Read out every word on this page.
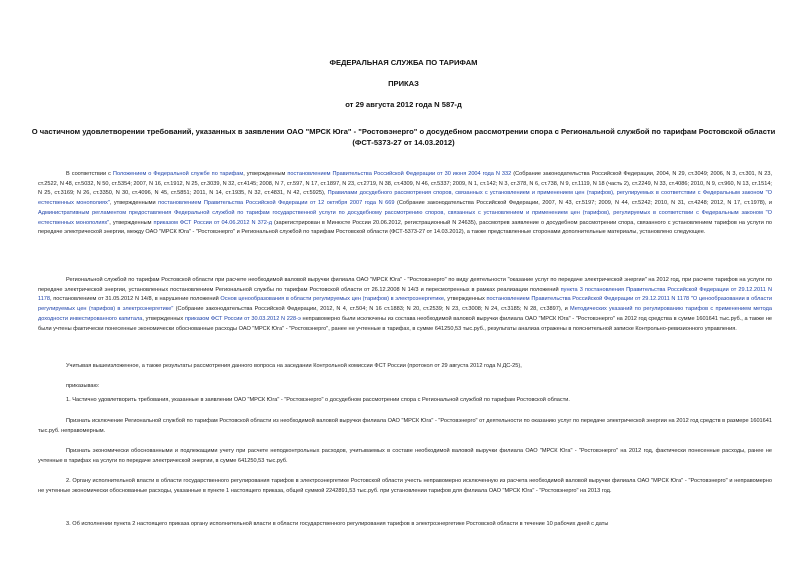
ФЕДЕРАЛЬНАЯ СЛУЖБА ПО ТАРИФАМ
ПРИКАЗ
от 29 августа 2012 года N 587-д
О частичном удовлетворении требований, указанных в заявлении ОАО "МРСК Юга" - "Ростовэнерго" о досудебном рассмотрении спора с Региональной службой по тарифам Ростовской области (ФСТ-5373-27 от 14.03.2012)
В соответствии с Положением о Федеральной службе по тарифам, утвержденным постановлением Правительства Российской Федерации от 30 июня 2004 года N 332 (Собрание законодательства Российской Федерации, 2004, N 29, ст.3049; 2006, N 3, ст.301, N 23, ст.2522, N 48, ст.5032, N 50, ст.5354; 2007, N 16, ст.1912, N 25, ст.3039, N 32, ст.4145; 2008, N 7, ст.597, N 17, ст.1897, N 23, ст.2719, N 38, ст.4309, N 46, ст.5337; 2009, N 1, ст.142; N 3, ст.378, N 6, ст.738, N 9, ст.1119, N 18 (часть 2), ст.2249, N 33, ст.4086; 2010, N 9, ст.960, N 13, ст.1514; N 25, ст.3169; N 26, ст.3350, N 30, ст.4096, N 45, ст.5851; 2011, N 14, ст.1935, N 32, ст.4831, N 42, ст.5925), Правилами досудебного рассмотрения споров, связанных с установлением и применением цен (тарифов), регулируемых в соответствии с Федеральным законом "О естественных монополиях", утвержденными постановлением Правительства Российской Федерации от 12 октября 2007 года N 669 (Собрание законодательства Российской Федерации, 2007, N 43, ст.5197; 2009, N 44, ст.5242; 2010, N 31, ст.4248; 2012, N 17, ст.1978), и Административным регламентом предоставления Федеральной службой по тарифам государственной услуги по досудебному рассмотрению споров, связанных с установлением и применением цен (тарифов), регулируемых в соответствии с Федеральным законом "О естественных монополиях", утвержденным приказом ФСТ России от 04.06.2012 N 372-д (зарегистрирован в Минюсте России 20.06.2012, регистрационный N 24635), рассмотрев заявление о досудебном рассмотрении спора, связанного с установлением тарифов на услуги по передаче электрической энергии, между ОАО "МРСК Юга" - "Ростовэнерго" и Региональной службой по тарифам Ростовской области (ФСТ-5373-27 от 14.03.2012), а также представленные сторонами дополнительные материалы, установлено следующее.
Региональной службой по тарифам Ростовской области при расчете необходимой валовой выручки филиала ОАО "МРСК Юга" - "Ростовэнерго" по виду деятельности "оказание услуг по передаче электрической энергии" на 2012 год, при расчете тарифов на услуги по передаче электрической энергии, установленных постановлением Региональной службы по тарифам Ростовской области от 26.12.2008 N 14/3 и пересмотренных в рамках реализации положений пункта 3 постановления Правительства Российской Федерации от 29.12.2011 N 1178, постановлением от 31.05.2012 N 14/8, в нарушение положений Основ ценообразования в области регулируемых цен (тарифов) в электроэнергетике, утвержденных постановлением Правительства Российской Федерации от 29.12.2011 N 1178 "О ценообразовании в области регулируемых цен (тарифов) в электроэнергетике" (Собрание законодательства Российской Федерации, 2012, N 4, ст.504; N 16 ст.1883; N 20, ст.2539; N 23, ст.3008; N 24, ст.3185; N 28, ст.3897), и Методических указаний по регулированию тарифов с применением метода доходности инвестированного капитала, утвержденных приказом ФСТ России от 30.03.2012 N 228-э неправомерно были исключены из состава необходимой валовой выручки филиала ОАО "МРСК Юга" - "Ростовэнерго" на 2012 год средства в сумме 1601641 тыс.руб., а также не были учтены фактически понесенные экономически обоснованные расходы ОАО "МРСК Юга" - "Ростовэнерго", ранее не учтенные в тарифах, в сумме 641250,53 тыс.руб., результаты анализа отражены в пояснительной записке Контрольно-ревизионного управления.
Учитывая вышеизложенное, а также результаты рассмотрения данного вопроса на заседании Контрольной комиссии ФСТ России (протокол от 29 августа 2012 года N ДС-25),
приказываю:
1. Частично удовлетворить требования, указанные в заявлении ОАО "МРСК Юга" - "Ростовэнерго" о досудебном рассмотрении спора с Региональной службой по тарифам Ростовской области.
Признать исключение Региональной службой по тарифам Ростовской области из необходимой валовой выручки филиала ОАО "МРСК Юга" - "Ростовэнерго" от деятельности по оказанию услуг по передаче электрической энергии на 2012 год средств в размере 1601641 тыс.руб. неправомерным.
Признать экономически обоснованными и подлежащими учету при расчете неподконтрольных расходов, учитываемых в составе необходимой валовой выручки филиала ОАО "МРСК Юга" - "Ростовэнерго" на 2012 год, фактически понесенные расходы, ранее не учтенные в тарифах на услуги по передаче электрической энергии, в сумме 641250,53 тыс.руб.
2. Органу исполнительной власти в области государственного регулирования тарифов в электроэнергетике Ростовской области учесть неправомерно исключенную из расчета необходимой валовой выручки филиала ОАО "МРСК Юга" - "Ростовэнерго" и неправомерно не учтенные экономически обоснованные расходы, указанные в пункте 1 настоящего приказа, общей суммой 2242891,53 тыс.руб. при установлении тарифов для филиала ОАО "МРСК Юга" - "Ростовэнерго" на 2013 год.
3. Об исполнении пункта 2 настоящего приказа органу исполнительной власти в области государственного регулирования тарифов в электроэнергетике Ростовской области в течение 10 рабочих дней с даты
